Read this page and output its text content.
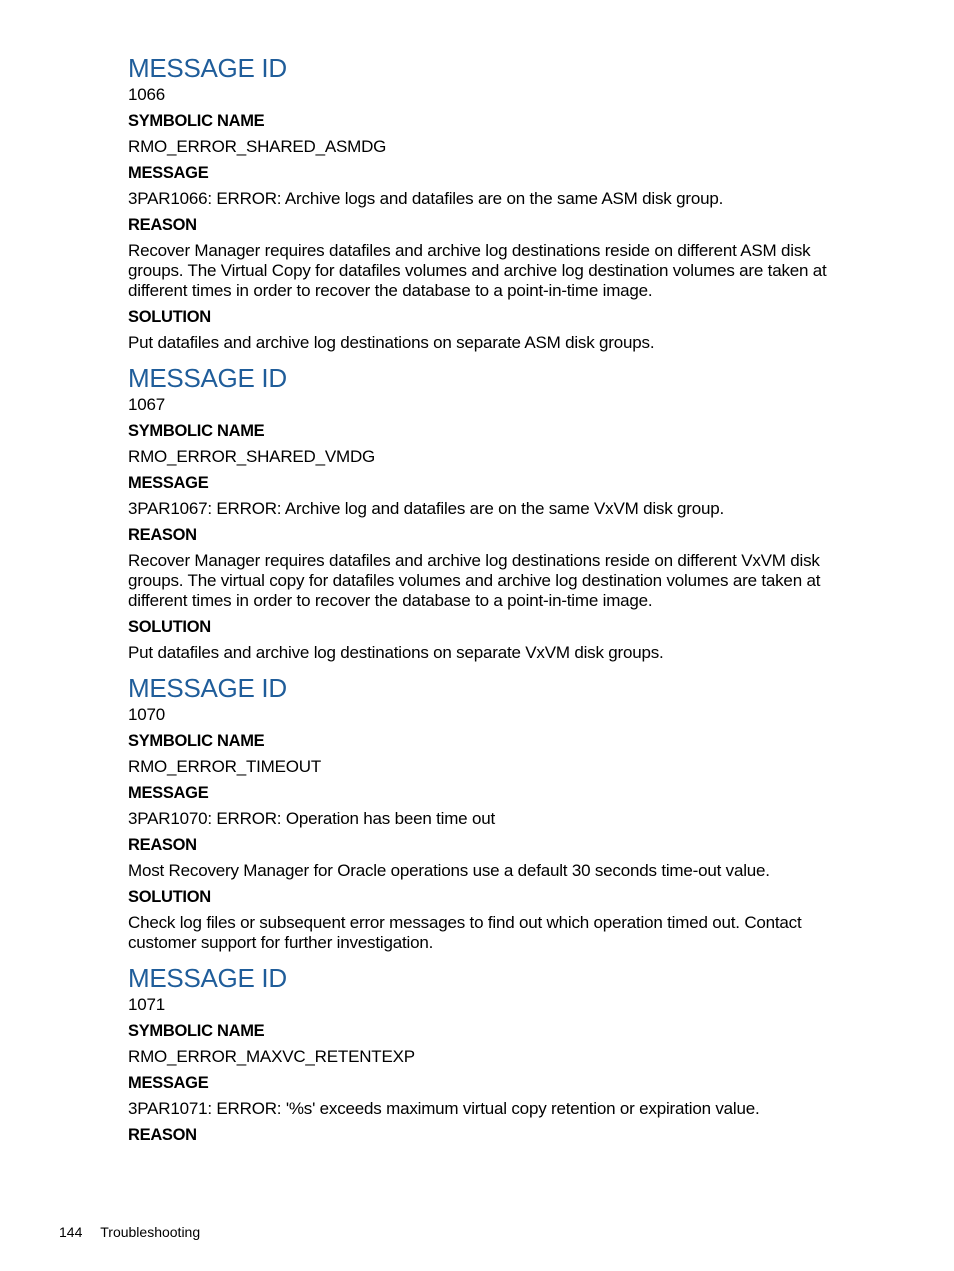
MESSAGE ID

1066

SYMBOLIC NAME

RMO_ERROR_SHARED_ASMDG

MESSAGE

3PAR1066: ERROR: Archive logs and datafiles are on the same ASM disk group.

REASON

Recover Manager requires datafiles and archive log destinations reside on different ASM disk groups. The Virtual Copy for datafiles volumes and archive log destination volumes are taken at different times in order to recover the database to a point-in-time image.

SOLUTION

Put datafiles and archive log destinations on separate ASM disk groups.

MESSAGE ID

1067

SYMBOLIC NAME

RMO_ERROR_SHARED_VMDG

MESSAGE

3PAR1067: ERROR: Archive log and datafiles are on the same VxVM disk group.

REASON

Recover Manager requires datafiles and archive log destinations reside on different VxVM disk groups. The virtual copy for datafiles volumes and archive log destination volumes are taken at different times in order to recover the database to a point-in-time image.

SOLUTION

Put datafiles and archive log destinations on separate VxVM disk groups.

MESSAGE ID

1070

SYMBOLIC NAME

RMO_ERROR_TIMEOUT

MESSAGE

3PAR1070: ERROR: Operation has been time out

REASON

Most Recovery Manager for Oracle operations use a default 30 seconds time-out value.

SOLUTION

Check log files or subsequent error messages to find out which operation timed out. Contact customer support for further investigation.

MESSAGE ID

1071

SYMBOLIC NAME

RMO_ERROR_MAXVC_RETENTEXP

MESSAGE

3PAR1071: ERROR: '%s' exceeds maximum virtual copy retention or expiration value.

REASON

144 Troubleshooting
